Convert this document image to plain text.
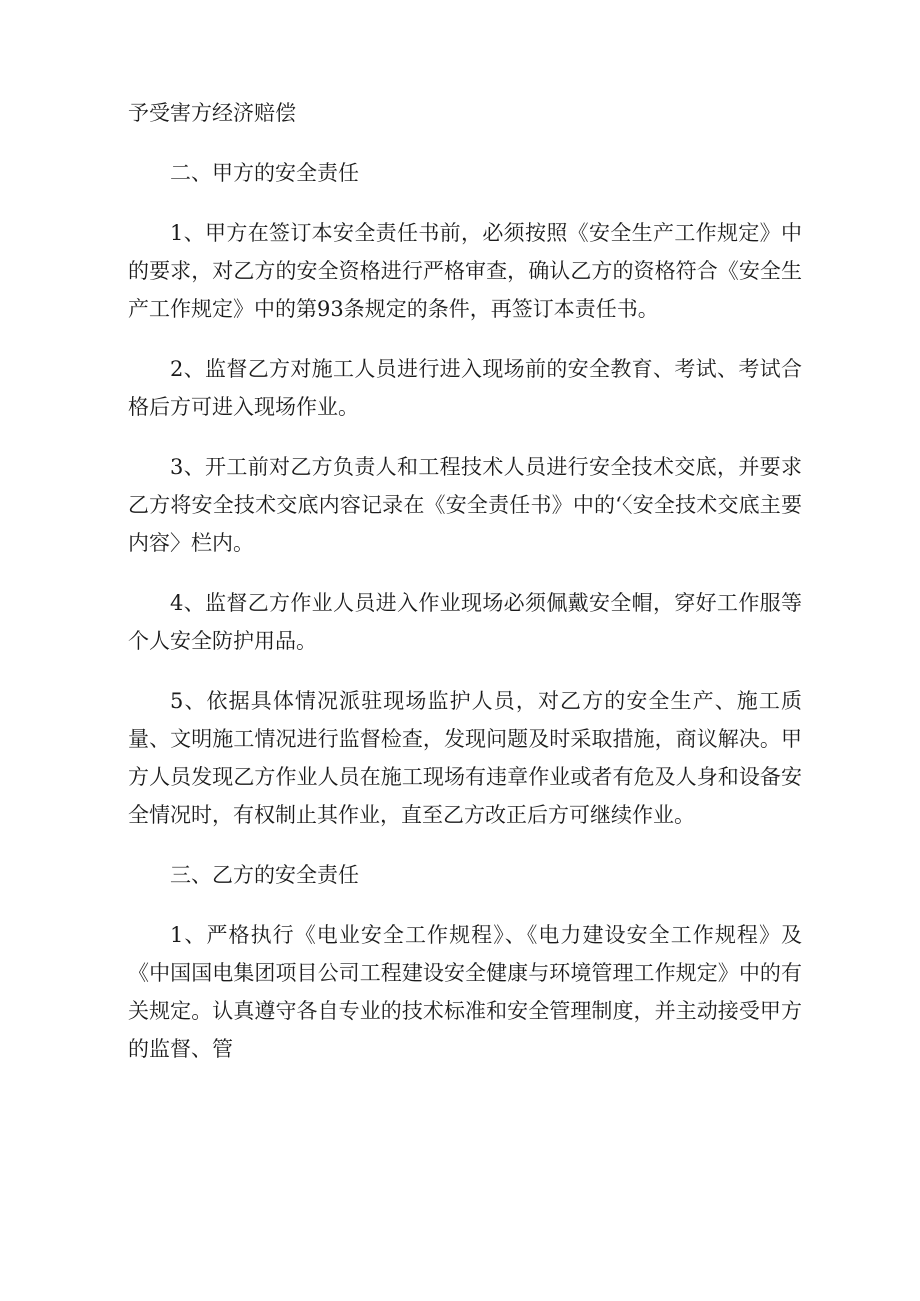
予受害方经济赔偿

二、甲方的安全责任

1、甲方在签订本安全责任书前，必须按照《安全生产工作规定》中的要求，对乙方的安全资格进行严格审查，确认乙方的资格符合《安全生产工作规定》中的第93条规定的条件，再签订本责任书。

2、监督乙方对施工人员进行进入现场前的安全教育、考试、考试合格后方可进入现场作业。

3、开工前对乙方负责人和工程技术人员进行安全技术交底，并要求乙方将安全技术交底内容记录在《安全责任书》中的‘〈安全技术交底主要内容〉栏内。

4、监督乙方作业人员进入作业现场必须佩戴安全帽，穿好工作服等个人安全防护用品。

5、依据具体情况派驻现场监护人员，对乙方的安全生产、施工质量、文明施工情况进行监督检查，发现问题及时采取措施，商议解决。甲方人员发现乙方作业人员在施工现场有违章作业或者有危及人身和设备安全情况时，有权制止其作业，直至乙方改正后方可继续作业。

三、乙方的安全责任

1、严格执行《电业安全工作规程》、《电力建设安全工作规程》及《中国国电集团项目公司工程建设安全健康与环境管理工作规定》中的有关规定。认真遵守各自专业的技术标准和安全管理制度，并主动接受甲方的监督、管
